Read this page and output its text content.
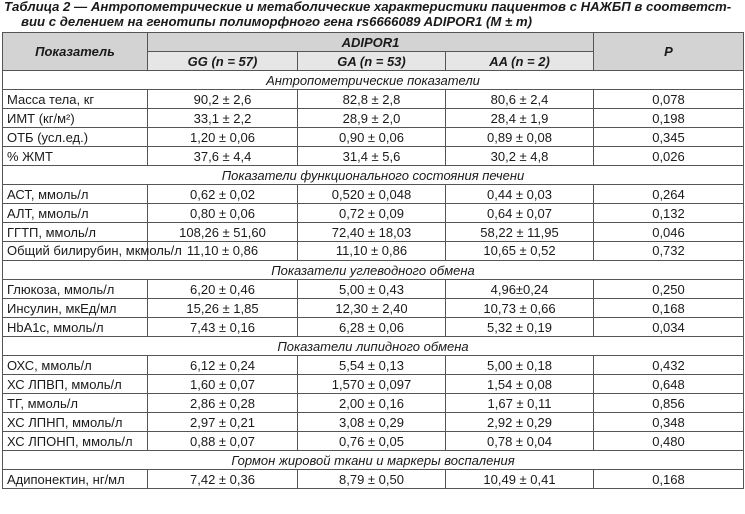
Таблица 2 — Антропометрические и метаболические характеристики пациентов с НАЖБП в соответст-
вии с делением на генотипы полиморфного гена rs6666089 ADIPOR1 (M ± m)
Показатель	ADIPOR1			P
	GG (n = 57)	GA (n = 53)	AA (n = 2)	
Антропометрические показатели				
Масса тела, кг	90,2 ± 2,6	82,8 ± 2,8	80,6 ± 2,4	0,078
ИМТ (кг/м²)	33,1 ± 2,2	28,9 ± 2,0	28,4 ± 1,9	0,198
ОТБ (усл.ед.)	1,20 ± 0,06	0,90 ± 0,06	0,89 ± 0,08	0,345
% ЖМТ	37,6 ± 4,4	31,4 ± 5,6	30,2 ± 4,8	0,026
Показатели функционального состояния печени				
АСТ, ммоль/л	0,62 ± 0,02	0,520 ± 0,048	0,44 ± 0,03	0,264
АЛТ, ммоль/л	0,80 ± 0,06	0,72 ± 0,09	0,64 ± 0,07	0,132
ГГТП, ммоль/л	108,26 ± 51,60	72,40 ± 18,03	58,22 ± 11,95	0,046
Общий билирубин, мкмоль/л	11,10 ± 0,86	11,10 ± 0,86	10,65 ± 0,52	0,732
Показатели углеводного обмена				
Глюкоза, ммоль/л	6,20 ± 0,46	5,00 ± 0,43	4,96±0,24	0,250
Инсулин, мкЕд/мл	15,26 ± 1,85	12,30 ± 2,40	10,73 ± 0,66	0,168
HbA1c, ммоль/л	7,43 ± 0,16	6,28 ± 0,06	5,32 ± 0,19	0,034
Показатели липидного обмена				
ОХС, ммоль/л	6,12 ± 0,24	5,54 ± 0,13	5,00 ± 0,18	0,432
ХС ЛПВП, ммоль/л	1,60 ± 0,07	1,570 ± 0,097	1,54 ± 0,08	0,648
ТГ, ммоль/л	2,86 ± 0,28	2,00 ± 0,16	1,67 ± 0,11	0,856
ХС ЛПНП, ммоль/л	2,97 ± 0,21	3,08 ± 0,29	2,92 ± 0,29	0,348
ХС ЛПОНП, ммоль/л	0,88 ± 0,07	0,76 ± 0,05	0,78 ± 0,04	0,480
Гормон жировой ткани и маркеры воспаления				
Адипонектин, нг/мл	7,42 ± 0,36	8,79 ± 0,50	10,49 ± 0,41	0,168
